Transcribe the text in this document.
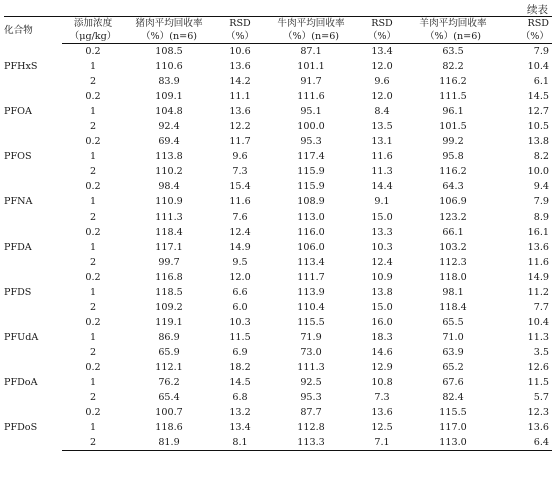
续表
化合物	添加浓度	猪肉平均回收率	RSD	牛肉平均回收率	RSD	羊肉平均回收率	RSD
	（μg/kg）	（%）(n=6)	（%）	（%）(n=6)	（%）	（%）(n=6)	（%）
PFHxS	0.2	108.5	10.6	87.1	13.4	63.5	7.9
	1	110.6	13.6	101.1	12.0	82.2	10.4
	2	83.9	14.2	91.7	9.6	116.2	6.1
PFOA	0.2	109.1	11.1	111.6	12.0	111.5	14.5
	1	104.8	13.6	95.1	8.4	96.1	12.7
	2	92.4	12.2	100.0	13.5	101.5	10.5
PFOS	0.2	69.4	11.7	95.3	13.1	99.2	13.8
	1	113.8	9.6	117.4	11.6	95.8	8.2
	2	110.2	7.3	115.9	11.3	116.2	10.0
PFNA	0.2	98.4	15.4	115.9	14.4	64.3	9.4
	1	110.9	11.6	108.9	9.1	106.9	7.9
	2	111.3	7.6	113.0	15.0	123.2	8.9
PFDA	0.2	118.4	12.4	116.0	13.3	66.1	16.1
	1	117.1	14.9	106.0	10.3	103.2	13.6
	2	99.7	9.5	113.4	12.4	112.3	11.6
PFDS	0.2	116.8	12.0	111.7	10.9	118.0	14.9
	1	118.5	6.6	113.9	13.8	98.1	11.2
	2	109.2	6.0	110.4	15.0	118.4	7.7
PFUdA	0.2	119.1	10.3	115.5	16.0	65.5	10.4
	1	86.9	11.5	71.9	18.3	71.0	11.3
	2	65.9	6.9	73.0	14.6	63.9	3.5
PFDoA	0.2	112.1	18.2	111.3	12.9	65.2	12.6
	1	76.2	14.5	92.5	10.8	67.6	11.5
	2	65.4	6.8	95.3	7.3	82.4	5.7
PFDoS	0.2	100.7	13.2	87.7	13.6	115.5	12.3
	1	118.6	13.4	112.8	12.5	117.0	13.6
	2	81.9	8.1	113.3	7.1	113.0	6.4
